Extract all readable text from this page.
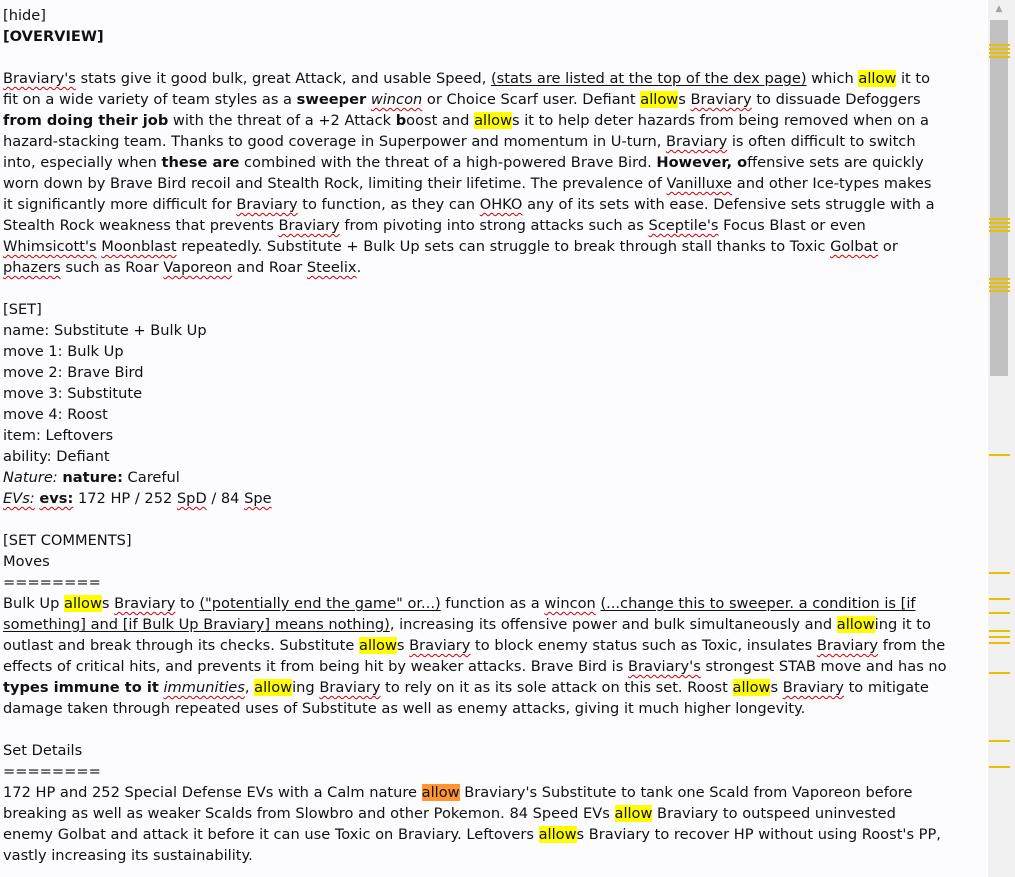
[hide]
[OVERVIEW]
Braviary's stats give it good bulk, great Attack, and usable Speed, (stats are listed at the top of the dex page) which allow it to
fit on a wide variety of team styles as a sweeper wincon or Choice Scarf user. Defiant allows Braviary to dissuade Defoggers
from doing their job with the threat of a +2 Attack boost and allows it to help deter hazards from being removed when on a
hazard-stacking team. Thanks to good coverage in Superpower and momentum in U-turn, Braviary is often difficult to switch
into, especially when these are combined with the threat of a high-powered Brave Bird. However, offensive sets are quickly
worn down by Brave Bird recoil and Stealth Rock, limiting their lifetime. The prevalence of Vanilluxe and other Ice-types makes
it significantly more difficult for Braviary to function, as they can OHKO any of its sets with ease. Defensive sets struggle with a
Stealth Rock weakness that prevents Braviary from pivoting into strong attacks such as Sceptile's Focus Blast or even
Whimsicott's Moonblast repeatedly. Substitute + Bulk Up sets can struggle to break through stall thanks to Toxic Golbat or
phazers such as Roar Vaporeon and Roar Steelix.
[SET]
name: Substitute + Bulk Up
move 1: Bulk Up
move 2: Brave Bird
move 3: Substitute
move 4: Roost
item: Leftovers
ability: Defiant
Nature: nature: Careful
EVs: evs: 172 HP / 252 SpD / 84 Spe
[SET COMMENTS]
Moves
========
Bulk Up allows Braviary to ("potentially end the game" or...) function as a wincon (...change this to sweeper. a condition is [if
something] and [if Bulk Up Braviary] means nothing), increasing its offensive power and bulk simultaneously and allowing it to
outlast and break through its checks. Substitute allows Braviary to block enemy status such as Toxic, insulates Braviary from the
effects of critical hits, and prevents it from being hit by weaker attacks. Brave Bird is Braviary's strongest STAB move and has no
types immune to it immunities, allowing Braviary to rely on it as its sole attack on this set. Roost allows Braviary to mitigate
damage taken through repeated uses of Substitute as well as enemy attacks, giving it much higher longevity.
Set Details
========
172 HP and 252 Special Defense EVs with a Calm nature allow Braviary's Substitute to tank one Scald from Vaporeon before
breaking as well as weaker Scalds from Slowbro and other Pokemon. 84 Speed EVs allow Braviary to outspeed uninvested
enemy Golbat and attack it before it can use Toxic on Braviary. Leftovers allows Braviary to recover HP without using Roost's PP,
vastly increasing its sustainability.
▲
